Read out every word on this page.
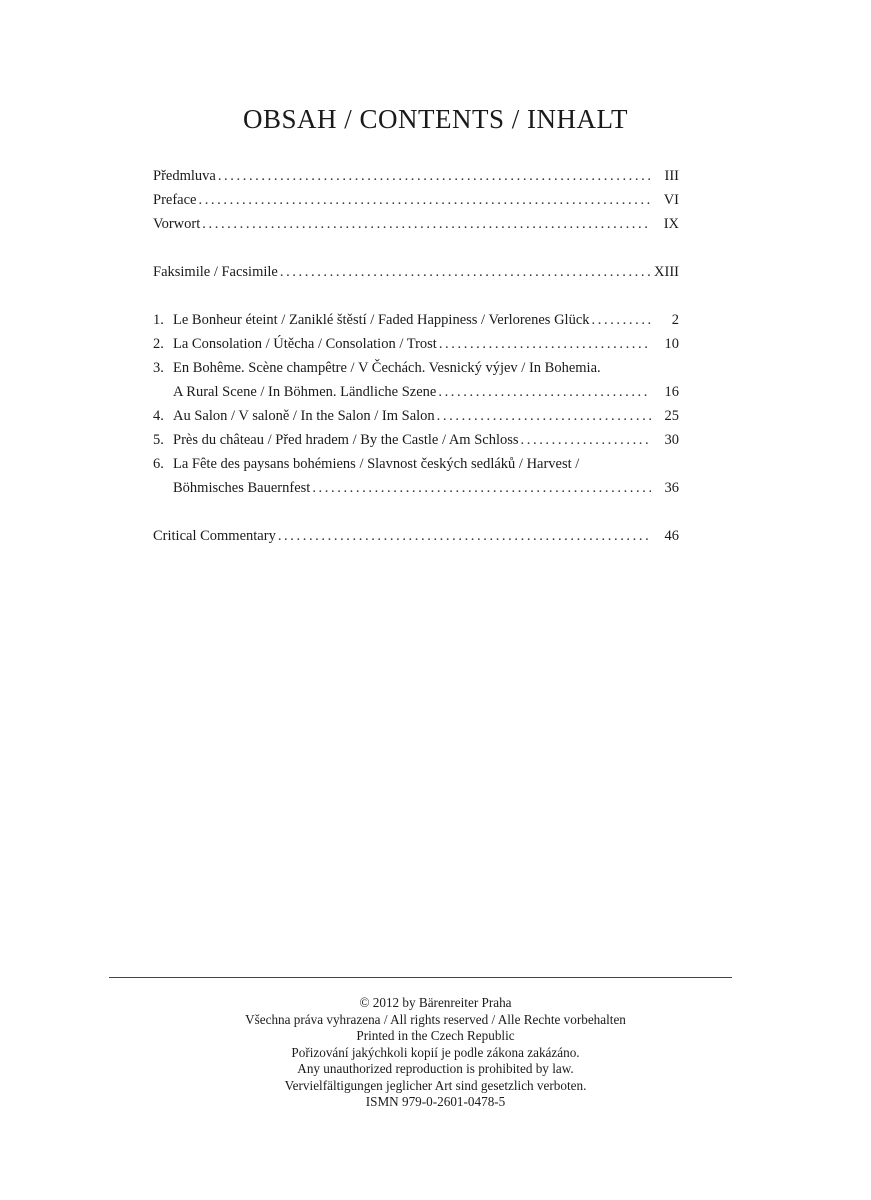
OBSAH / CONTENTS / INHALT
Předmluva .....	III
Preface .....	VI
Vorwort .....	IX
Faksimile / Facsimile .....	XIII
1. Le Bonheur éteint / Zaniklé štěstí / Faded Happiness / Verlorenes Glück .....	2
2. La Consolation / Útěcha / Consolation / Trost .....	10
3. En Bohême. Scène champêtre / V Čechách. Vesnický výjev / In Bohemia.
A Rural Scene / In Böhmen. Ländliche Szene .....	16
4. Au Salon / V saloně / In the Salon / Im Salon .....	25
5. Près du château / Před hradem / By the Castle / Am Schloss .....	30
6. La Fête des paysans bohémiens / Slavnost českých sedláků / Harvest /
Böhmisches Bauernfest .....	36
Critical Commentary .....	46
© 2012 by Bärenreiter Praha
Všechna práva vyhrazena / All rights reserved / Alle Rechte vorbehalten
Printed in the Czech Republic
Pořizování jakýchkoli kopií je podle zákona zakázáno.
Any unauthorized reproduction is prohibited by law.
Vervielfältigungen jeglicher Art sind gesetzlich verboten.
ISMN 979-0-2601-0478-5
